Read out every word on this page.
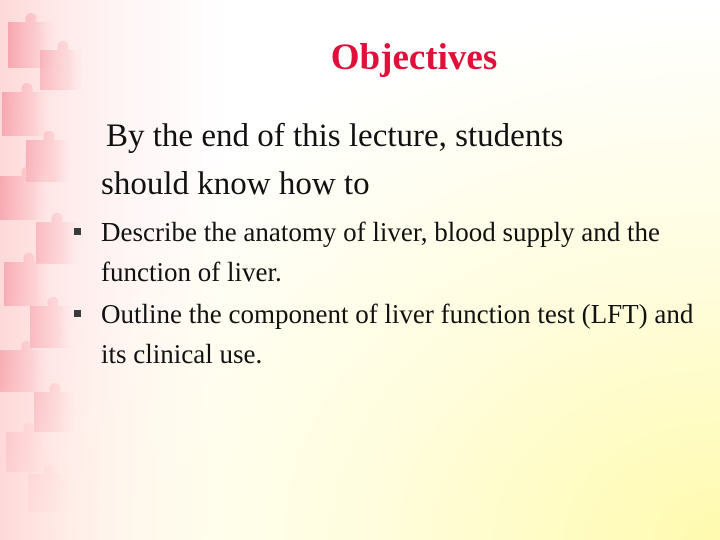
Objectives

By the end of this lecture, students
should know how to

Describe the anatomy of liver, blood supply and the function of liver.
Outline the component of liver function test (LFT) and its clinical use.
